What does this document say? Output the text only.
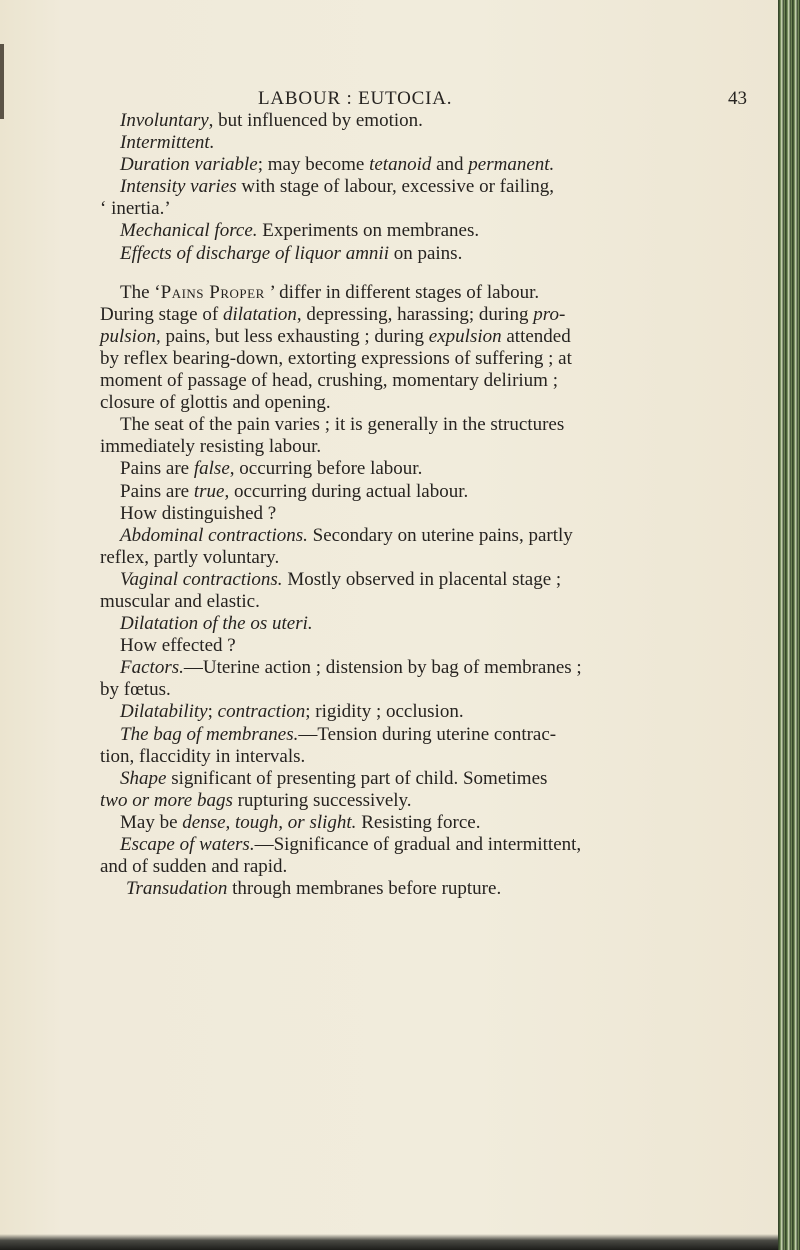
LABOUR : EUTOCIA.	43
Involuntary, but influenced by emotion.
Intermittent.
Duration variable; may become tetanoid and permanent.
Intensity varies with stage of labour, excessive or failing,
‘ inertia.’
Mechanical force. Experiments on membranes.
Effects of discharge of liquor amnii on pains.
The ‘Pains Proper ’ differ in different stages of labour.
During stage of dilatation, depressing, harassing; during pro-
pulsion, pains, but less exhausting ; during expulsion attended
by reflex bearing-down, extorting expressions of suffering ; at
moment of passage of head, crushing, momentary delirium ;
closure of glottis and opening.
The seat of the pain varies ; it is generally in the structures
immediately resisting labour.
Pains are false, occurring before labour.
Pains are true, occurring during actual labour.
How distinguished ?
Abdominal contractions. Secondary on uterine pains, partly
reflex, partly voluntary.
Vaginal contractions. Mostly observed in placental stage ;
muscular and elastic.
Dilatation of the os uteri.
How effected ?
Factors.—Uterine action ; distension by bag of membranes ;
by fœtus.
Dilatability; contraction; rigidity ; occlusion.
The bag of membranes.—Tension during uterine contrac-
tion, flaccidity in intervals.
Shape significant of presenting part of child. Sometimes
two or more bags rupturing successively.
May be dense, tough, or slight. Resisting force.
Escape of waters.—Significance of gradual and intermittent,
and of sudden and rapid.
Transudation through membranes before rupture.
